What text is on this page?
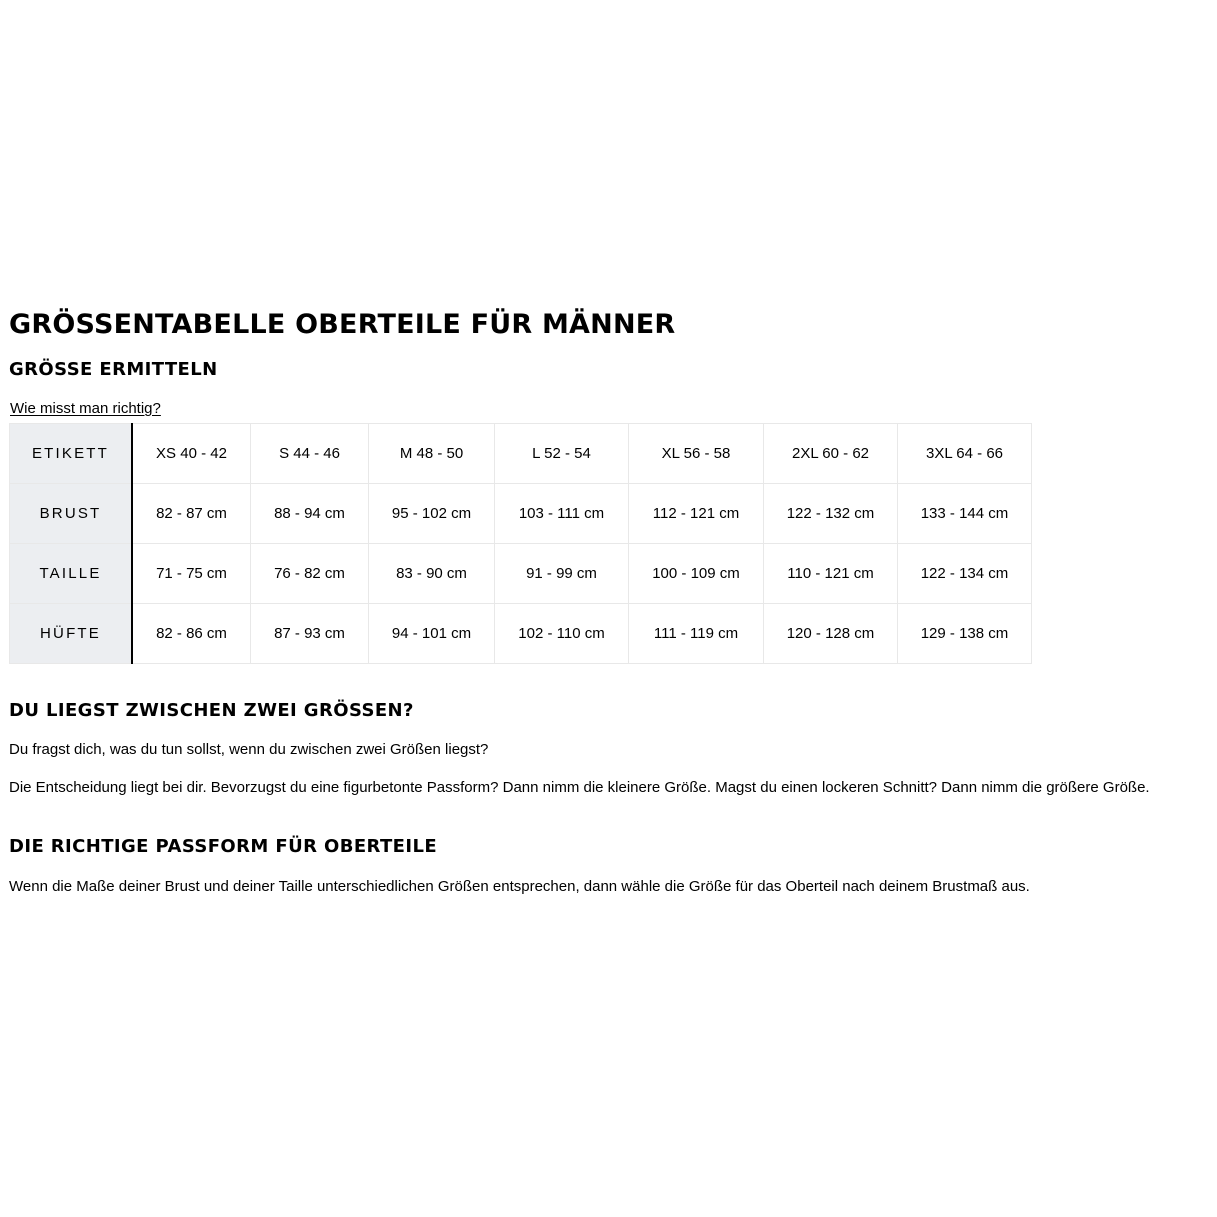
GRÖSSENTABELLE OBERTEILE FÜR MÄNNER
GRÖSSE ERMITTELN
Wie misst man richtig?
ETIKETT	XS 40 - 42	S 44 - 46	M 48 - 50	L 52 - 54	XL 56 - 58	2XL 60 - 62	3XL 64 - 66
BRUST	82 - 87 cm	88 - 94 cm	95 - 102 cm	103 - 111 cm	112 - 121 cm	122 - 132 cm	133 - 144 cm
TAILLE	71 - 75 cm	76 - 82 cm	83 - 90 cm	91 - 99 cm	100 - 109 cm	110 - 121 cm	122 - 134 cm
HÜFTE	82 - 86 cm	87 - 93 cm	94 - 101 cm	102 - 110 cm	111 - 119 cm	120 - 128 cm	129 - 138 cm
DU LIEGST ZWISCHEN ZWEI GRÖSSEN?

Du fragst dich, was du tun sollst, wenn du zwischen zwei Größen liegst?

Die Entscheidung liegt bei dir. Bevorzugst du eine figurbetonte Passform? Dann nimm die kleinere Größe. Magst du einen lockeren Schnitt? Dann nimm die größere Größe.

DIE RICHTIGE PASSFORM FÜR OBERTEILE

Wenn die Maße deiner Brust und deiner Taille unterschiedlichen Größen entsprechen, dann wähle die Größe für das Oberteil nach deinem Brustmaß aus.
